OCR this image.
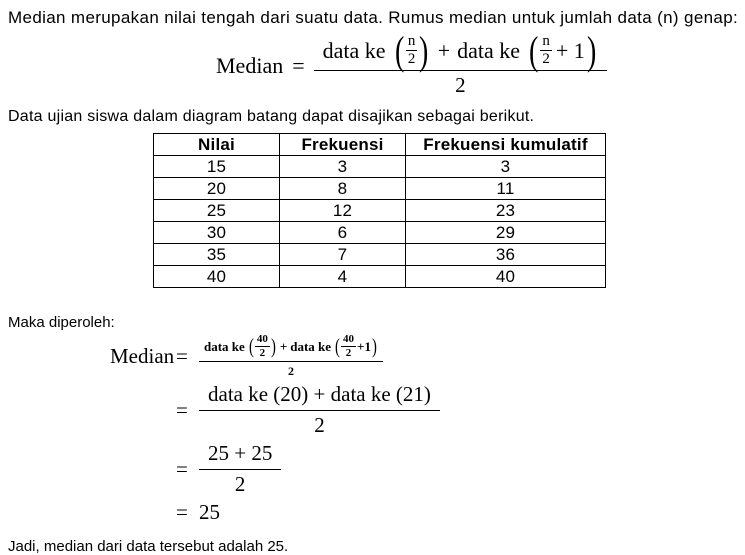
Median merupakan nilai tengah dari suatu data. Rumus median untuk jumlah data (n) genap:

Median =
data ke ( $\frac{n}{2}$ ) + data ke ( $\frac{n}{2} + 1$ )
2

Data ujian siswa dalam diagram batang dapat disajikan sebagai berikut.

Nilai	Frekuensi	Frekuensi kumulatif
15	3	3
20	8	11
25	12	23
30	6	29
35	7	36
40	4	40

Maka diperoleh:

Median =	data ke ( $\frac{40}{2}$ ) + data ke ( $\frac{40}{2} +1$ )
2
= $\frac{\text{data ke (20) + data ke (21)}}{2}$
= $\frac{25 + 25}{2}$
= 25

Jadi, median dari data tersebut adalah 25.
